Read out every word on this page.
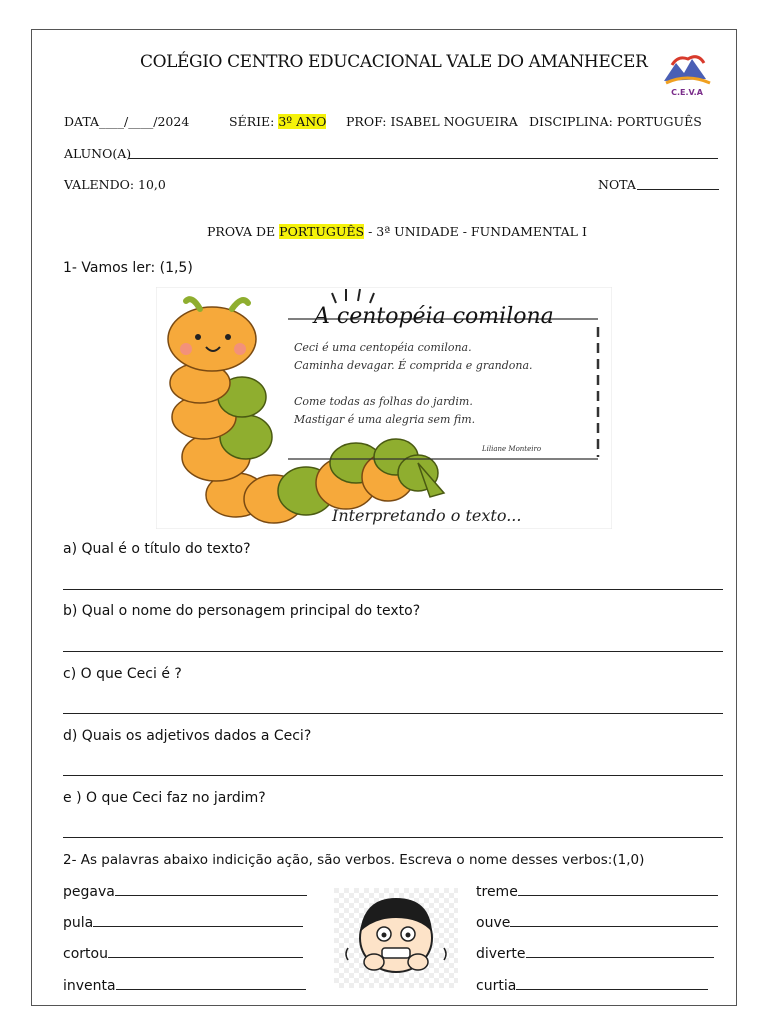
COLÉGIO CENTRO EDUCACIONAL VALE DO AMANHECER
C.E.V.A
DATA____/____/2024	SÉRIE: 3º ANO PROF: ISABEL NOGUEIRA DISCIPLINA: PORTUGUÊS
ALUNO(A)
VALENDO: 10,0	NOTA
PROVA DE PORTUGUÊS - 3ª UNIDADE - FUNDAMENTAL I
1- Vamos ler: (1,5)
A centopéia comilona
Ceci é uma centopéia comilona.
Caminha devagar. É comprida e grandona.
Come todas as folhas do jardim.
Mastigar é uma alegria sem fim.
Liliane Monteiro
Interpretando o texto...
a) Qual é o título do texto?
b) Qual o nome do personagem principal do texto?
c) O que Ceci é ?
d) Quais os adjetivos dados a Ceci?
e ) O que Ceci faz no jardim?
2- As palavras abaixo indicição ação, são verbos. Escreva o nome desses verbos:(1,0)
pegava
pula
cortou
inventa
treme
ouve
diverte
curtia
